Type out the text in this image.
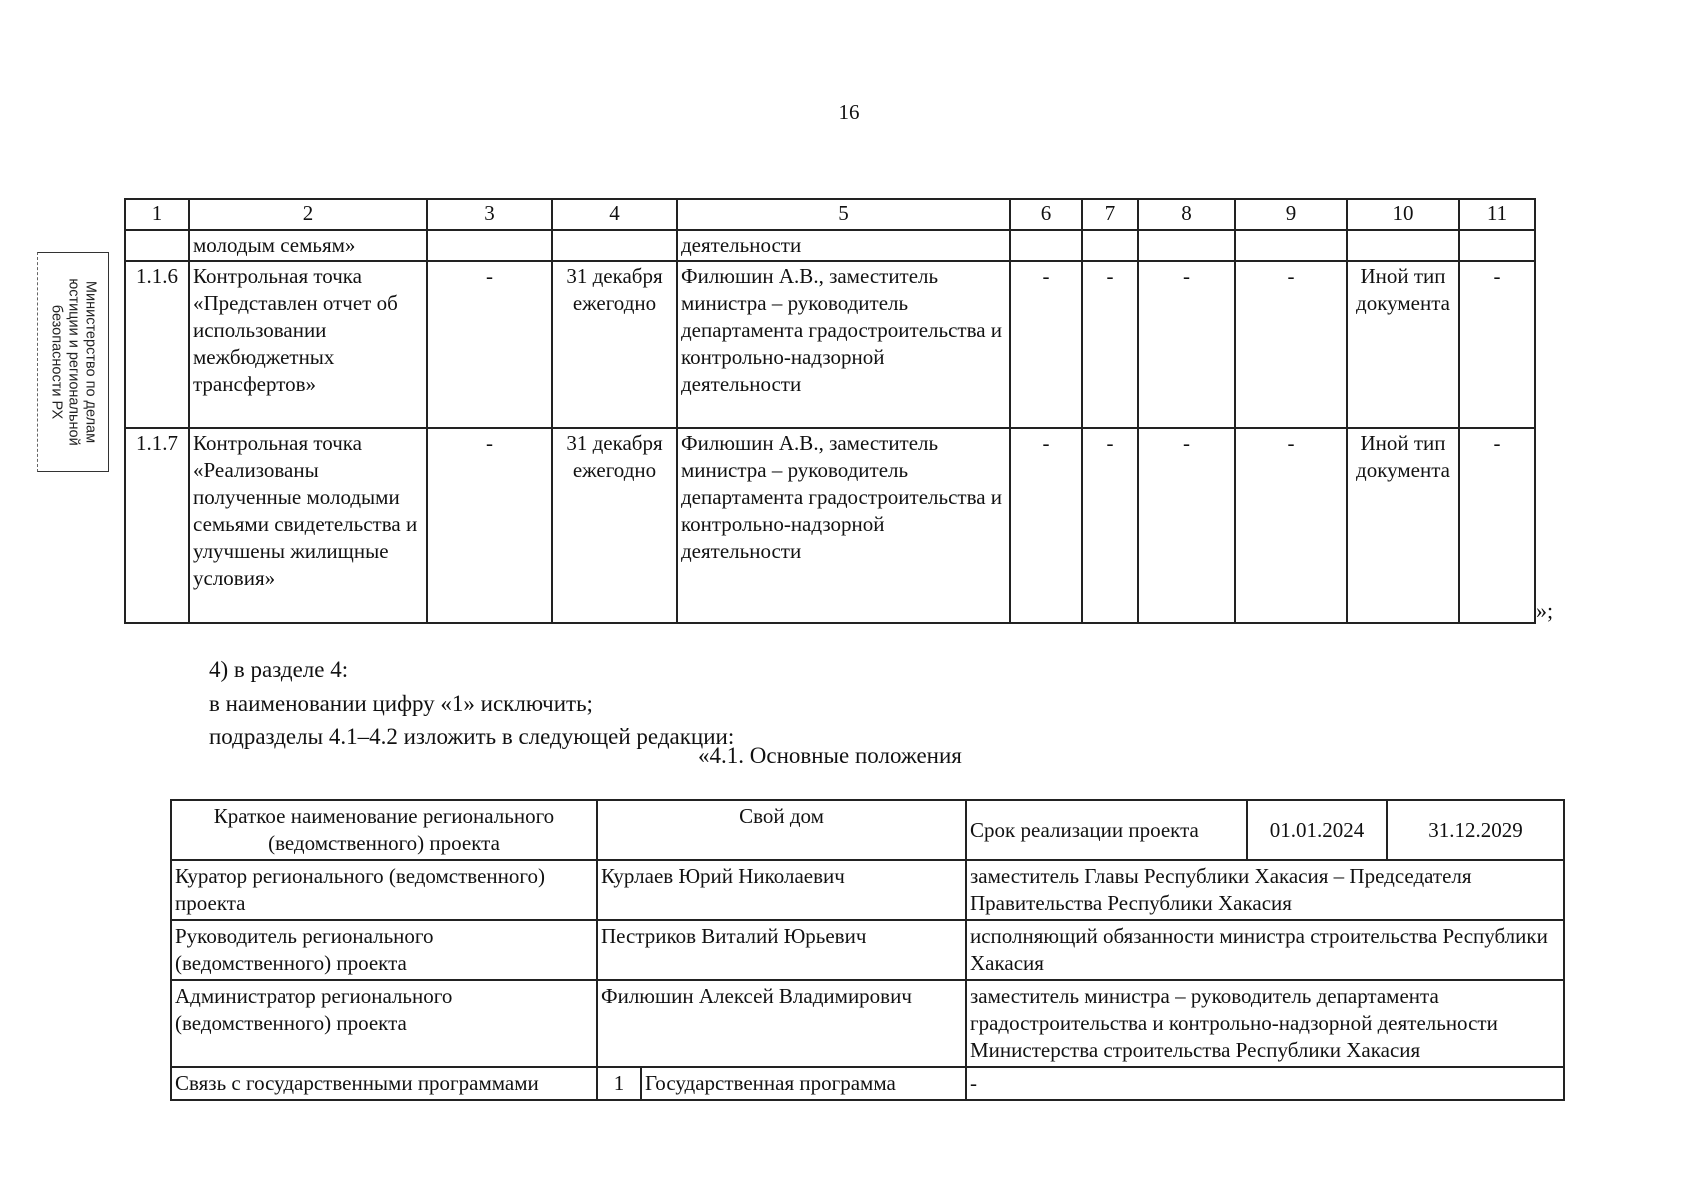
16
Министерство по делам
юстиции и региональной
безопасности РХ
1	2	3	4	5	6	7	8	9	10	11
	молодым семьям»			деятельности						
1.1.6	Контрольная точка «Представлен отчет об использовании межбюджетных трансфертов»	-	31 декабря ежегодно	Филюшин А.В., заместитель министра – руководитель департамента градостроительства и контрольно-надзорной деятельности	-	-	-	-	Иной тип документа	-
1.1.7	Контрольная точка «Реализованы полученные молодыми семьями свидетельства и улучшены жилищные условия»	-	31 декабря ежегодно	Филюшин А.В., заместитель министра – руководитель департамента градостроительства и контрольно-надзорной деятельности	-	-	-	-	Иной тип документа	-
»;
4) в разделе 4:
в наименовании цифру «1» исключить;
подразделы 4.1–4.2 изложить в следующей редакции:
«4.1. Основные положения
Краткое наименование регионального (ведомственного) проекта	Свой дом		Срок реализации проекта	01.01.2024	31.12.2029
Куратор регионального (ведомственного) проекта	Курлаев Юрий Николаевич		заместитель Главы Республики Хакасия – Председателя Правительства Республики Хакасия		
Руководитель регионального (ведомственного) проекта	Пестриков Виталий Юрьевич		исполняющий обязанности министра строительства Республики Хакасия		
Администратор регионального (ведомственного) проекта	Филюшин Алексей Владимирович		заместитель министра – руководитель департамента градостроительства и контрольно-надзорной деятельности Министерства строительства Республики Хакасия		
Связь с государственными программами	1	Государственная программа	-		
